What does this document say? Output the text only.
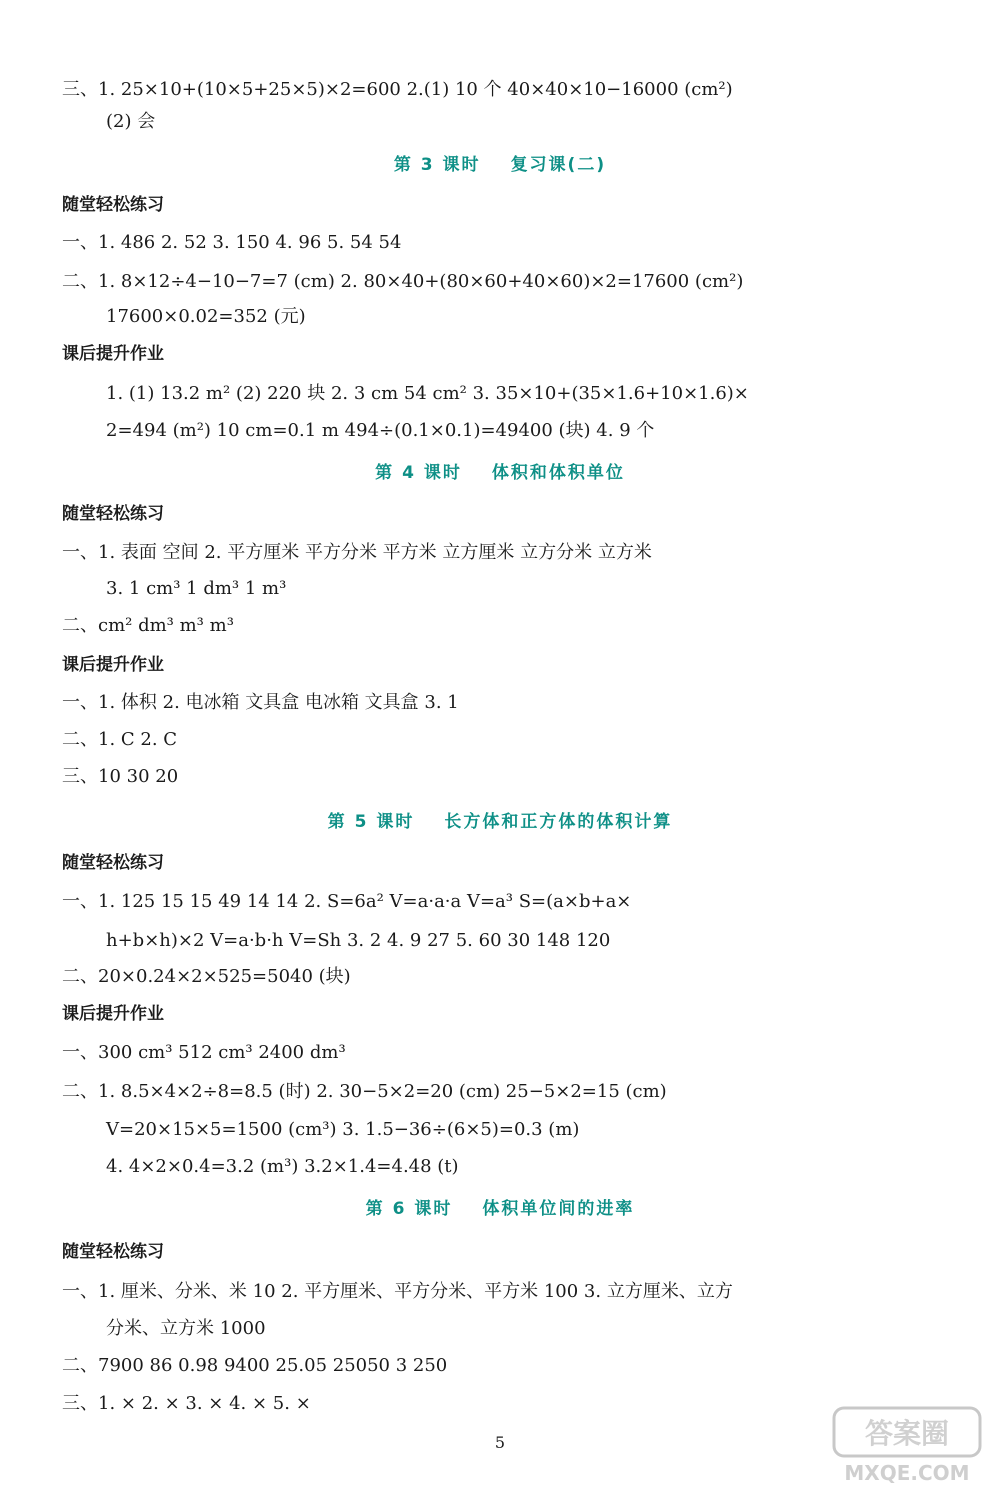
三、1. 25×10+(10×5+25×5)×2=600 2.(1) 10 个 40×40×10−16000 (cm²)
(2) 会
第 3 课时 复习课(二)
随堂轻松练习
一、1. 486 2. 52 3. 150 4. 96 5. 54 54
二、1. 8×12÷4−10−7=7 (cm) 2. 80×40+(80×60+40×60)×2=17600 (cm²)
17600×0.02=352 (元)
课后提升作业
1. (1) 13.2 m² (2) 220 块 2. 3 cm 54 cm² 3. 35×10+(35×1.6+10×1.6)×
2=494 (m²) 10 cm=0.1 m 494÷(0.1×0.1)=49400 (块) 4. 9 个
第 4 课时 体积和体积单位
随堂轻松练习
一、1. 表面 空间 2. 平方厘米 平方分米 平方米 立方厘米 立方分米 立方米
3. 1 cm³ 1 dm³ 1 m³
二、cm² dm³ m³ m³
课后提升作业
一、1. 体积 2. 电冰箱 文具盒 电冰箱 文具盒 3. 1
二、1. C 2. C
三、10 30 20
第 5 课时 长方体和正方体的体积计算
随堂轻松练习
一、1. 125 15 15 49 14 14 2. S=6a² V=a·a·a V=a³ S=(a×b+a×
h+b×h)×2 V=a·b·h V=Sh 3. 2 4. 9 27 5. 60 30 148 120
二、20×0.24×2×525=5040 (块)
课后提升作业
一、300 cm³ 512 cm³ 2400 dm³
二、1. 8.5×4×2÷8=8.5 (时) 2. 30−5×2=20 (cm) 25−5×2=15 (cm)
V=20×15×5=1500 (cm³) 3. 1.5−36÷(6×5)=0.3 (m)
4. 4×2×0.4=3.2 (m³) 3.2×1.4=4.48 (t)
第 6 课时 体积单位间的进率
随堂轻松练习
一、1. 厘米、分米、米 10 2. 平方厘米、平方分米、平方米 100 3. 立方厘米、立方
分米、立方米 1000
二、7900 86 0.98 9400 25.05 25050 3 250
三、1. × 2. × 3. × 4. × 5. ×
5	答案圈
MXQE.COM
